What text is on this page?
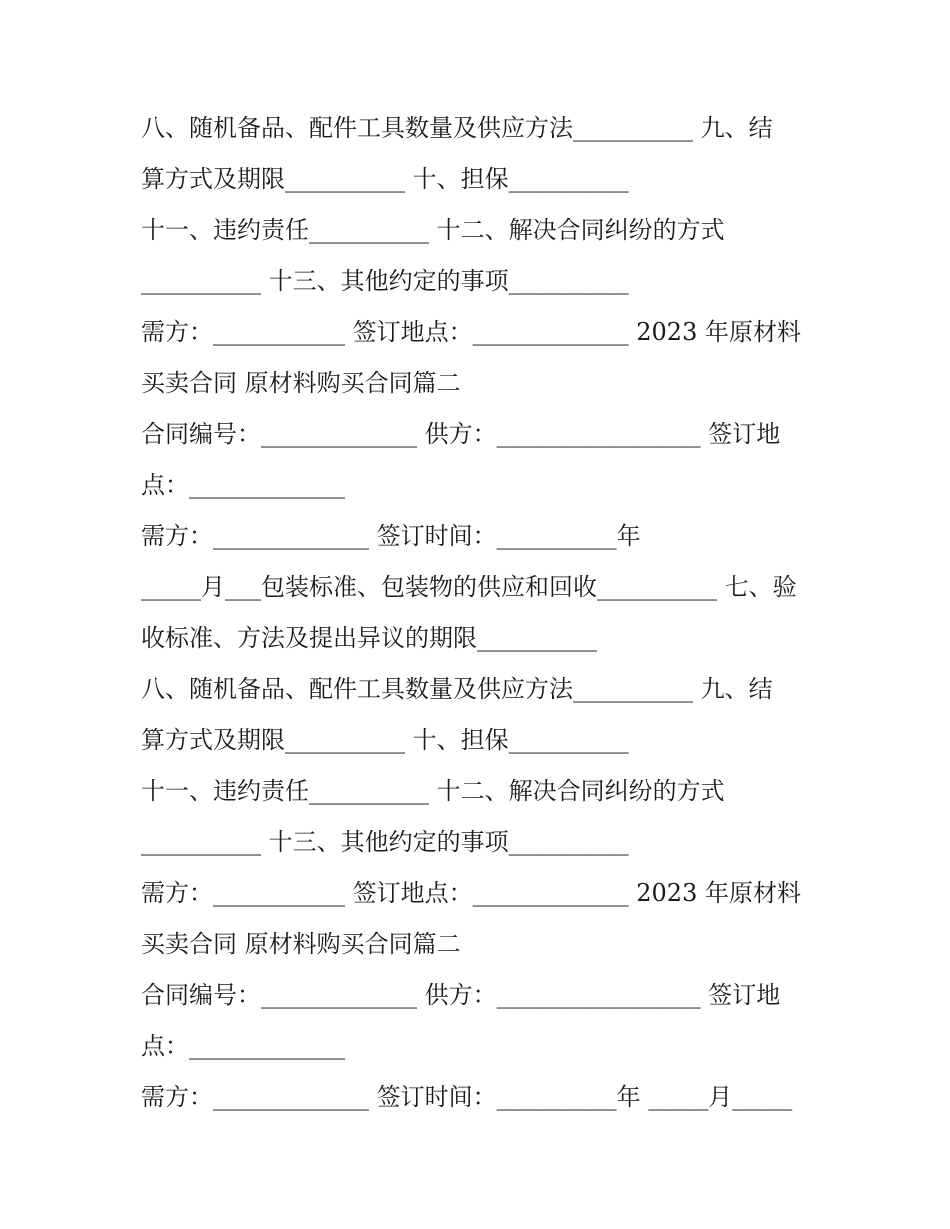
八、随机备品、配件工具数量及供应方法__________ 九、结
算方式及期限__________ 十、担保__________
十一、违约责任__________ 十二、解决合同纠纷的方式
__________ 十三、其他约定的事项__________
需方：___________ 签订地点：_____________ 2023 年原材料
买卖合同 原材料购买合同篇二
合同编号：_____________ 供方：_________________ 签订地
点：_____________
需方：_____________ 签订时间：__________年
_____月___包装标准、包装物的供应和回收__________ 七、验
收标准、方法及提出异议的期限__________
八、随机备品、配件工具数量及供应方法__________ 九、结
算方式及期限__________ 十、担保__________
十一、违约责任__________ 十二、解决合同纠纷的方式
__________ 十三、其他约定的事项__________
需方：___________ 签订地点：_____________ 2023 年原材料
买卖合同 原材料购买合同篇二
合同编号：_____________ 供方：_________________ 签订地
点：_____________
需方：_____________ 签订时间：__________年 _____月_____
